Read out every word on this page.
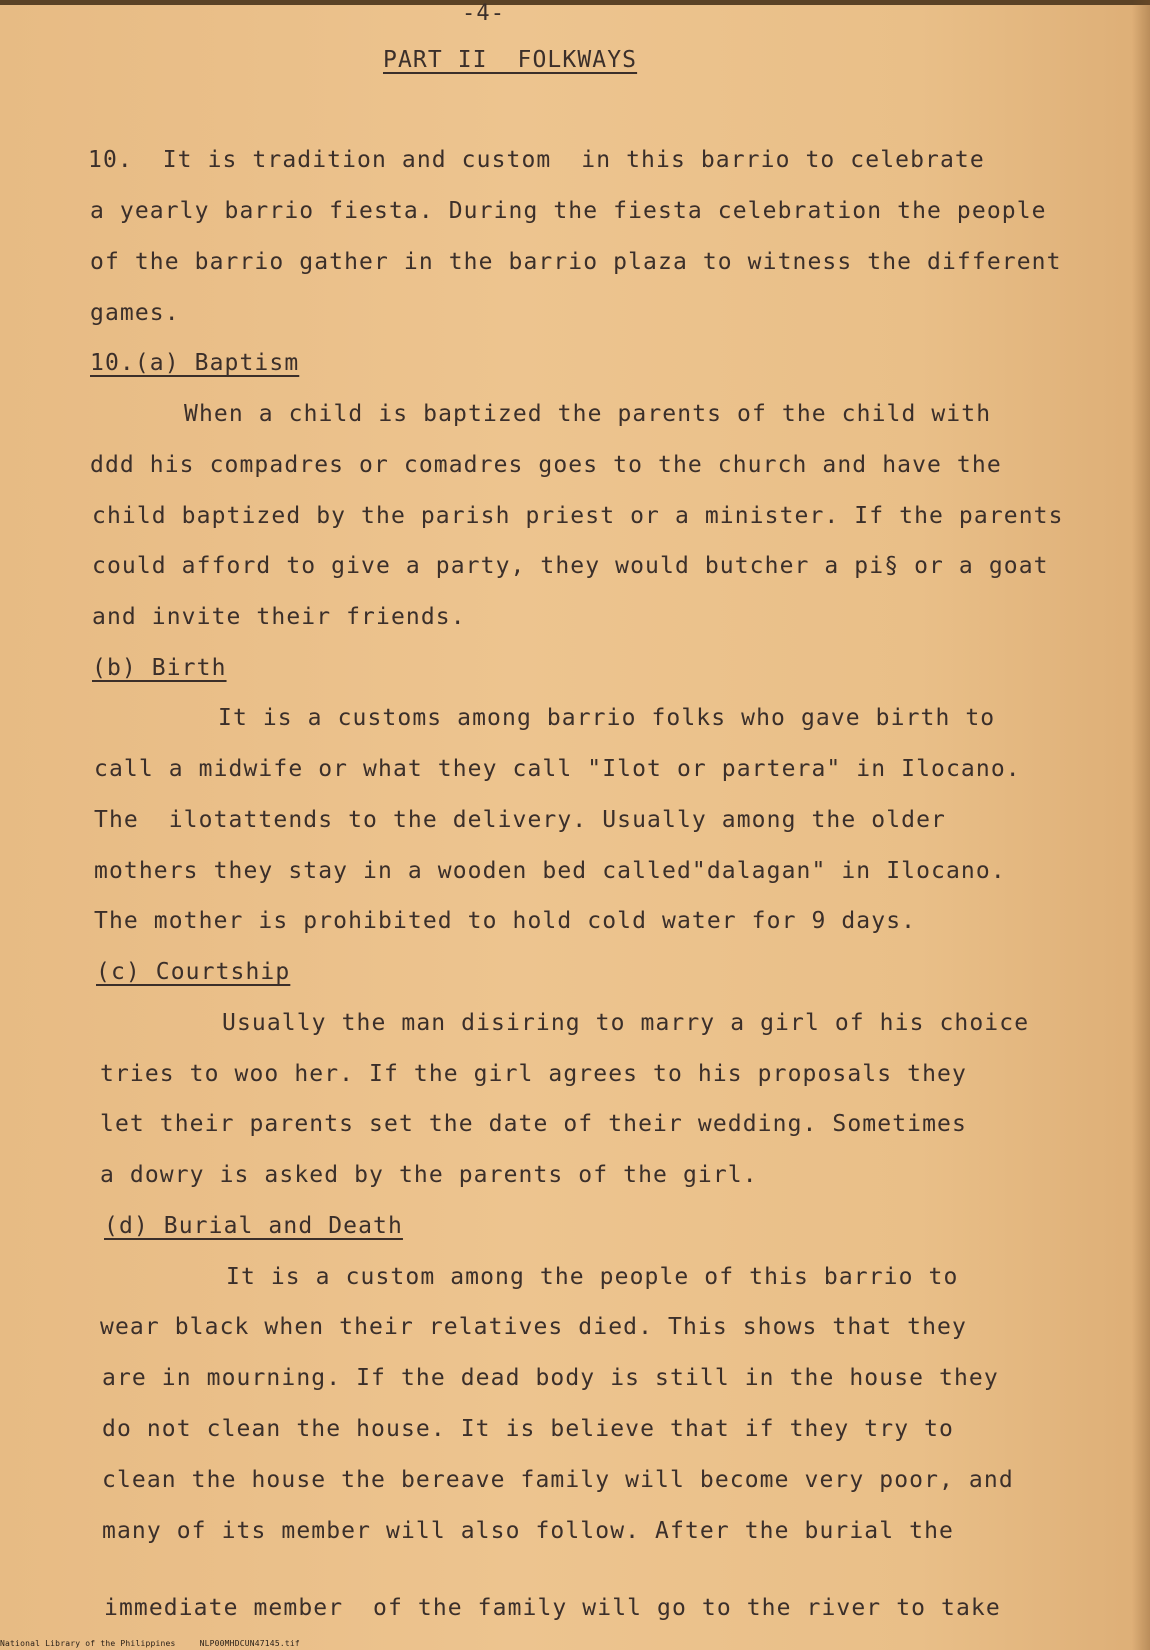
-4-
PART II  FOLKWAYS
10.  It is tradition and custom  in this barrio to celebrate
a yearly barrio fiesta. During the fiesta celebration the people
of the barrio gather in the barrio plaza to witness the different
games.
10.(a) Baptism
When a child is baptized the parents of the child with
ddd his compadres or comadres goes to the church and have the
child baptized by the parish priest or a minister. If the parents
could afford to give a party, they would butcher a pi§ or a goat
and invite their friends.
(b) Birth
It is a customs among barrio folks who gave birth to
call a midwife or what they call "Ilot or partera" in Ilocano.
The  ilotattends to the delivery. Usually among the older
mothers they stay in a wooden bed called"dalagan" in Ilocano.
The mother is prohibited to hold cold water for 9 days.
(c) Courtship
Usually the man disiring to marry a girl of his choice
tries to woo her. If the girl agrees to his proposals they
let their parents set the date of their wedding. Sometimes
a dowry is asked by the parents of the girl.
(d) Burial and Death
It is a custom among the people of this barrio to
wear black when their relatives died. This shows that they
are in mourning. If the dead body is still in the house they
do not clean the house. It is believe that if they try to
clean the house the bereave family will become very poor, and
many of its member will also follow. After the burial the
immediate member  of the family will go to the river to take
National Library of the Philippines	NLP00MHDCUN47145.tif
